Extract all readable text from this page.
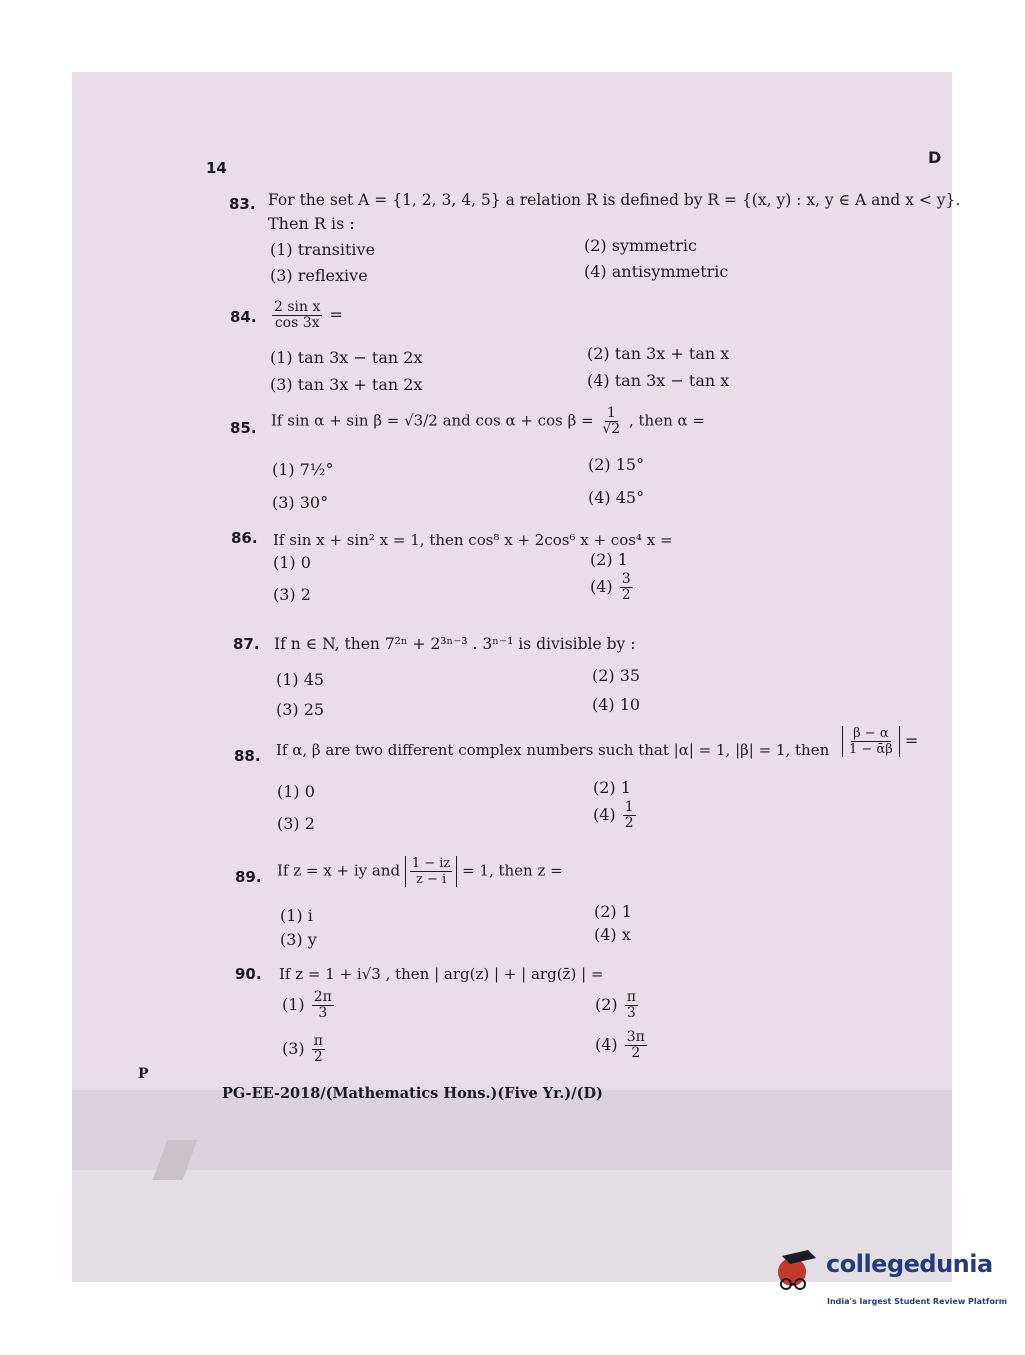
14
D
83. For the set A = {1, 2, 3, 4, 5} a relation R is defined by R = {(x, y) : x, y ∈ A and x < y}.
Then R is :
(1) transitive	(2) symmetric
(3) reflexive	(4) antisymmetric
84. $\frac{\text{2 sin x}}{\cos 3x}$ =
(1) tan 3x − tan 2x	(2) tan 3x + tan x
(3) tan 3x + tan 2x	(4) tan 3x − tan x
85. If sin α + sin β = √3/2 and $\cos \alpha + \cos \beta = \frac{1}{√2}$ , then α =
(1) 7½°	(2) 15°
(3) 30°	(4) 45°
86. If sin x + sin² x = 1, then cos⁸ x + 2cos⁶ x + cos⁴ x =
(1) 0	(2) 1
(3) 2	$(4) \frac{3}{2}$
87. If n ∈ N, then 7²ⁿ + 2³ⁿ⁻³ . 3ⁿ⁻¹ is divisible by :
(1) 45	(2) 35
(3) 25	(4) 10
88. If α, β are two different complex numbers such that |α| = 1, |β| = 1, then $\frac{\beta - \alpha}{\text{1 − ᾱβ}}$ =
(1) 0	(2) 1
(3) 2	$(4) \frac{1}{2}$
89. If z = x + iy and $\frac{1 - iz}{z - i} = 1$, then z =
(1) i	(2) 1
(3) y	(4) x
90. If z = 1 + i√3 , then | arg(z) | + | arg(z̄) | =
$(1) \frac{2\pi}{3}$	$(2) \frac{\pi}{3}$
$(3) \frac{\pi}{2}$	$(4) \frac{3\pi}{2}$
P
PG-EE-2018/(Mathematics Hons.)(Five Yr.)/(D)
collegedunia
India's largest Student Review Platform
